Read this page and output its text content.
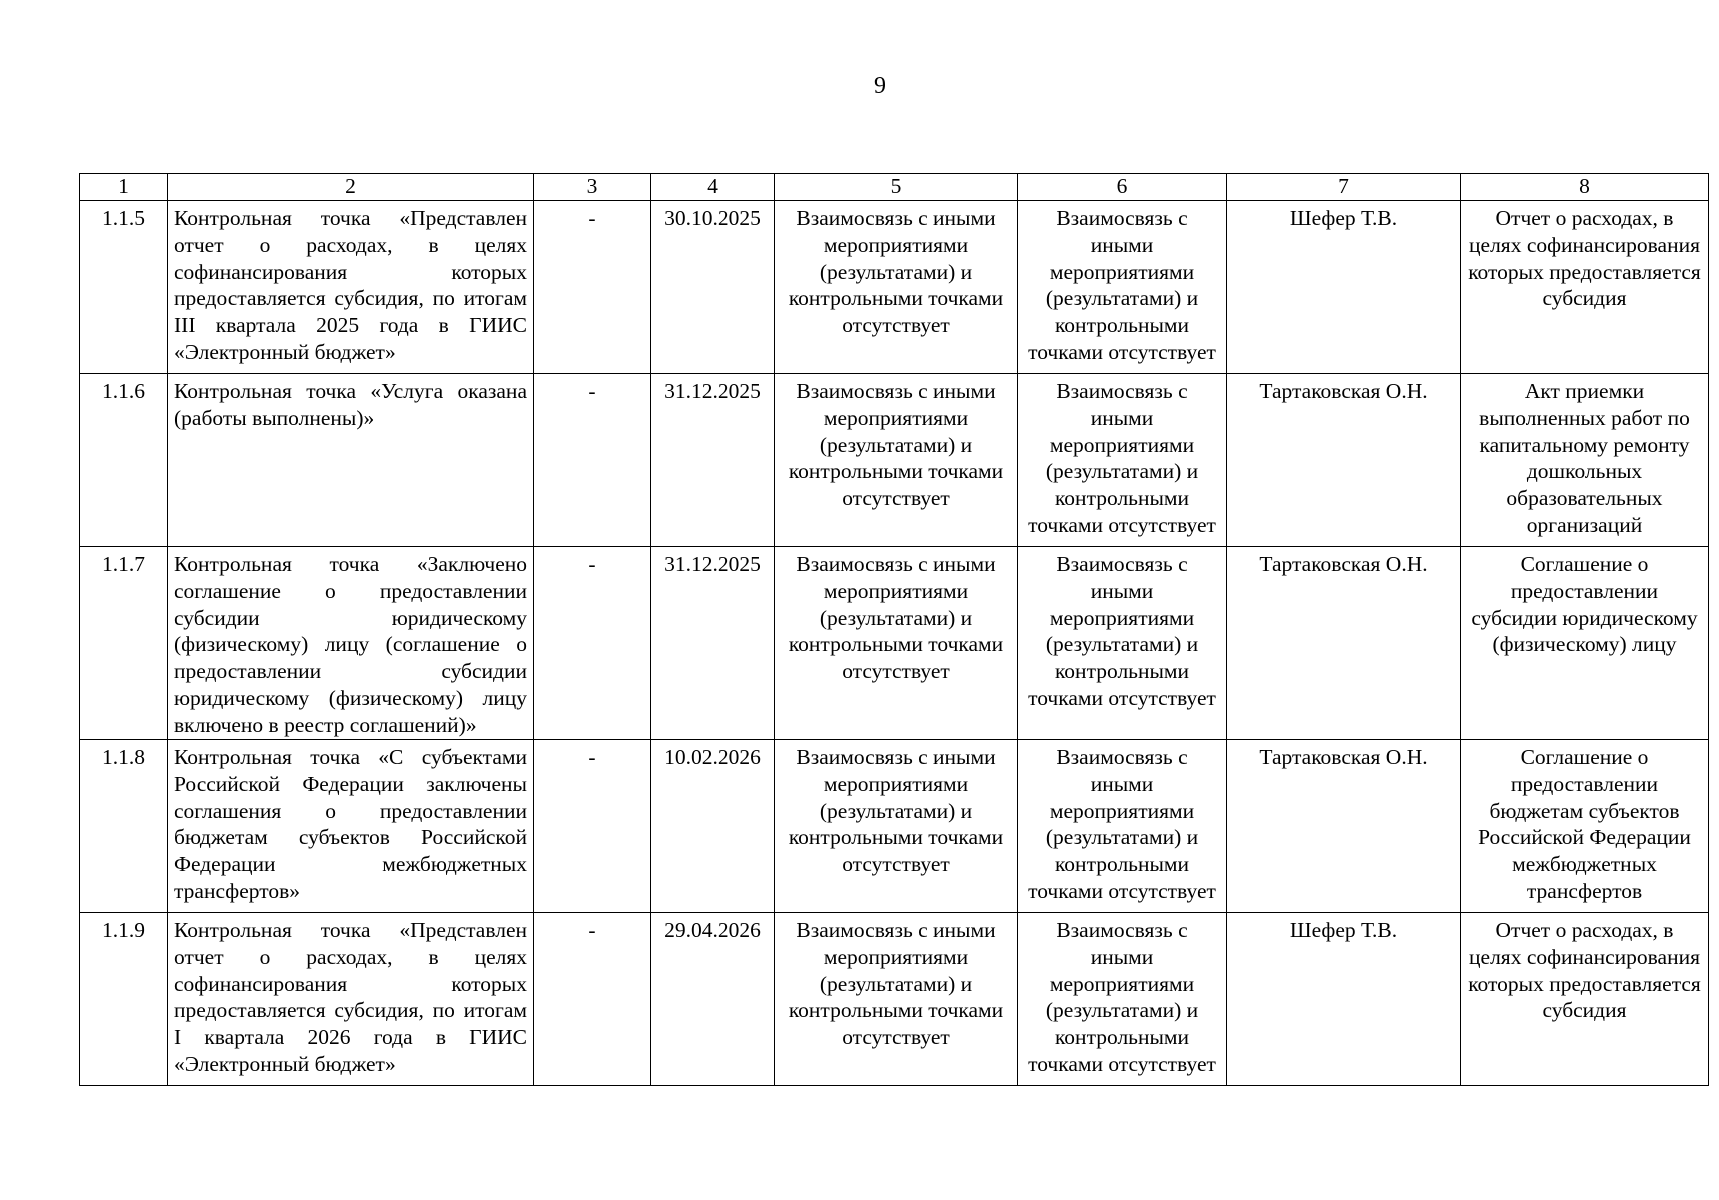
9
1	2	3	4	5	6	7	8
1.1.5	Контрольная точка «Представлен отчет о расходах, в целях софинансирования которых предоставляется субсидия, по итогам III квартала 2025 года в ГИИС «Электронный бюджет»	-	30.10.2025	Взаимосвязь с иными мероприятиями (результатами) и контрольными точками отсутствует	Взаимосвязь с иными мероприятиями (результатами) и контрольными точками отсутствует	Шефер Т.В.	Отчет о расходах, в целях софинансирования которых предоставляется субсидия
1.1.6	Контрольная точка «Услуга оказана (работы выполнены)»	-	31.12.2025	Взаимосвязь с иными мероприятиями (результатами) и контрольными точками отсутствует	Взаимосвязь с иными мероприятиями (результатами) и контрольными точками отсутствует	Тартаковская О.Н.	Акт приемки выполненных работ по капитальному ремонту дошкольных образовательных организаций
1.1.7	Контрольная точка «Заключено соглашение о предоставлении субсидии юридическому (физическому) лицу (соглашение о предоставлении субсидии юридическому (физическому) лицу включено в реестр соглашений)»	-	31.12.2025	Взаимосвязь с иными мероприятиями (результатами) и контрольными точками отсутствует	Взаимосвязь с иными мероприятиями (результатами) и контрольными точками отсутствует	Тартаковская О.Н.	Соглашение о предоставлении субсидии юридическому (физическому) лицу
1.1.8	Контрольная точка «С субъектами Российской Федерации заключены соглашения о предоставлении бюджетам субъектов Российской Федерации межбюджетных трансфертов»	-	10.02.2026	Взаимосвязь с иными мероприятиями (результатами) и контрольными точками отсутствует	Взаимосвязь с иными мероприятиями (результатами) и контрольными точками отсутствует	Тартаковская О.Н.	Соглашение о предоставлении бюджетам субъектов Российской Федерации межбюджетных трансфертов
1.1.9	Контрольная точка «Представлен отчет о расходах, в целях софинансирования которых предоставляется субсидия, по итогам I квартала 2026 года в ГИИС «Электронный бюджет»	-	29.04.2026	Взаимосвязь с иными мероприятиями (результатами) и контрольными точками отсутствует	Взаимосвязь с иными мероприятиями (результатами) и контрольными точками отсутствует	Шефер Т.В.	Отчет о расходах, в целях софинансирования которых предоставляется субсидия
